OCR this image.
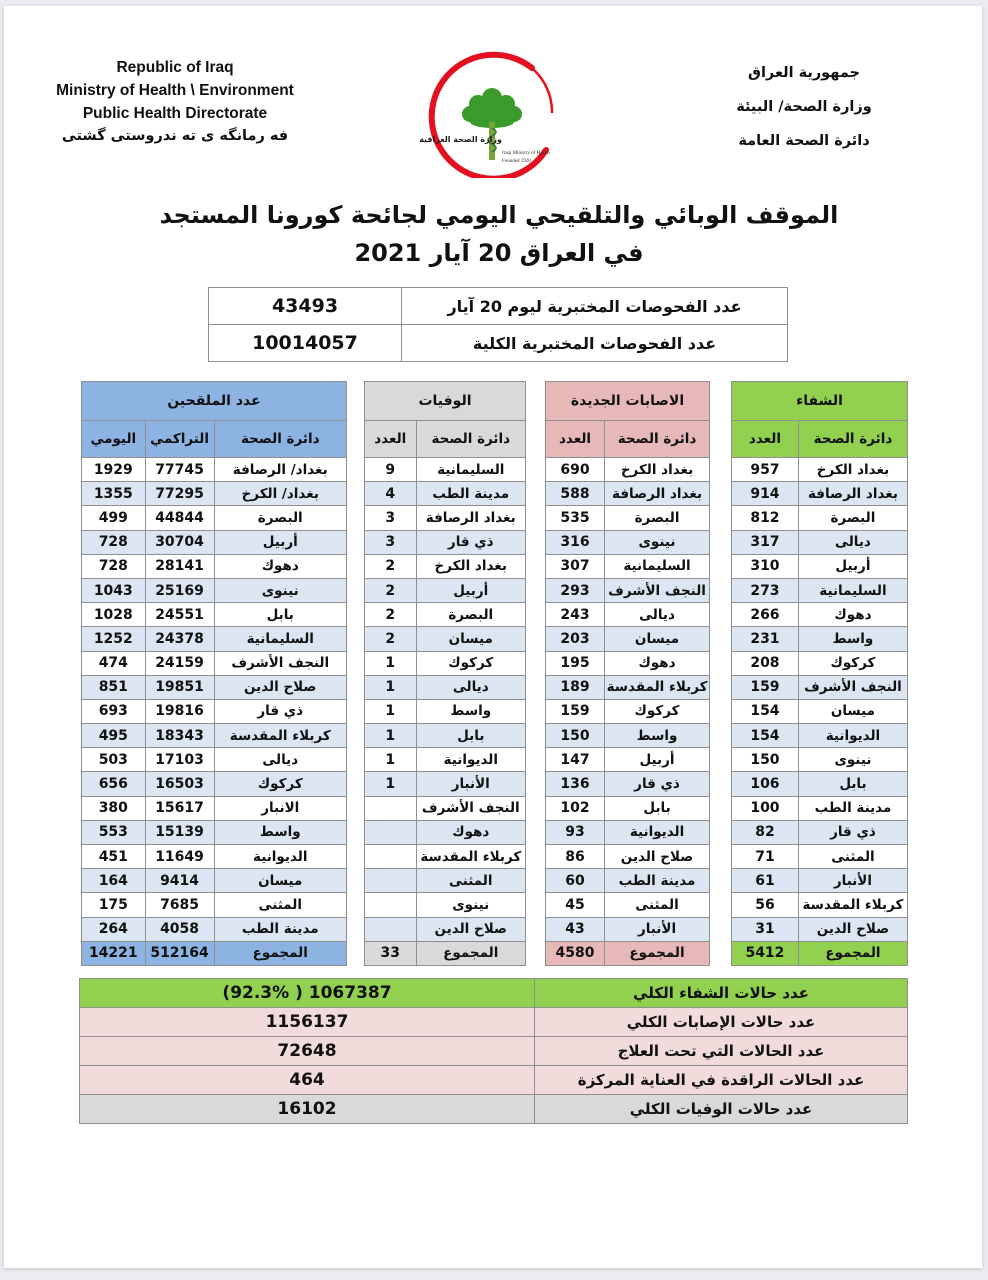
Republic of Iraq
Ministry of Health \ Environment
Public Health Directorate
فه رمانگه ی ته ندروستی گشتی	وزارة الصحة العراقية
Iraqi Ministry of Health
Founded 1920
جمهورية العراق
وزارة الصحة/ البيئة
دائرة الصحة العامة
الموقف الوبائي والتلقيحي اليومي لجائحة كورونا المستجد
في العراق 20 آيار 2021
عدد الفحوصات المختبرية ليوم 20 آيار	43493
عدد الفحوصات المختبرية الكلية	10014057
الشفاء	
دائرة الصحة	العدد
بغداد الكرخ	957
بغداد الرصافة	914
البصرة	812
ديالى	317
أربيل	310
السليمانية	273
دهوك	266
واسط	231
كركوك	208
النجف الأشرف	159
ميسان	154
الديوانية	154
نينوى	150
بابل	106
مدينة الطب	100
ذي قار	82
المثنى	71
الأنبار	61
كربلاء المقدسة	56
صلاح الدين	31
المجموع	5412
الاصابات الجديدة	
دائرة الصحة	العدد
بغداد الكرخ	690
بغداد الرصافة	588
البصرة	535
نينوى	316
السليمانية	307
النجف الأشرف	293
ديالى	243
ميسان	203
دهوك	195
كربلاء المقدسة	189
كركوك	159
واسط	150
أربيل	147
ذي قار	136
بابل	102
الديوانية	93
صلاح الدين	86
مدينة الطب	60
المثنى	45
الأنبار	43
المجموع	4580
الوفيات	
دائرة الصحة	العدد
السليمانية	9
مدينة الطب	4
بغداد الرصافة	3
ذي قار	3
بغداد الكرخ	2
أربيل	2
البصرة	2
ميسان	2
كركوك	1
ديالى	1
واسط	1
بابل	1
الديوانية	1
الأنبار	1
النجف الأشرف	
دهوك	
كربلاء المقدسة	
المثنى	
نينوى	
صلاح الدين	
المجموع	33
عدد الملقحين		
دائرة الصحة	التراكمي	اليومي
بغداد/ الرصافة	77745	1929
بغداد/ الكرخ	77295	1355
البصرة	44844	499
أربيل	30704	728
دهوك	28141	728
نينوى	25169	1043
بابل	24551	1028
السليمانية	24378	1252
النجف الأشرف	24159	474
صلاح الدين	19851	851
ذي قار	19816	693
كربلاء المقدسة	18343	495
ديالى	17103	503
كركوك	16503	656
الانبار	15617	380
واسط	15139	553
الديوانية	11649	451
ميسان	9414	164
المثنى	7685	175
مدينة الطب	4058	264
المجموع	512164	14221
عدد حالات الشفاء الكلي	(92.3% ) 1067387
عدد حالات الإصابات الكلي	1156137
عدد الحالات التي تحت العلاج	72648
عدد الحالات الراقدة في العناية المركزة	464
عدد حالات الوفيات الكلي	16102
